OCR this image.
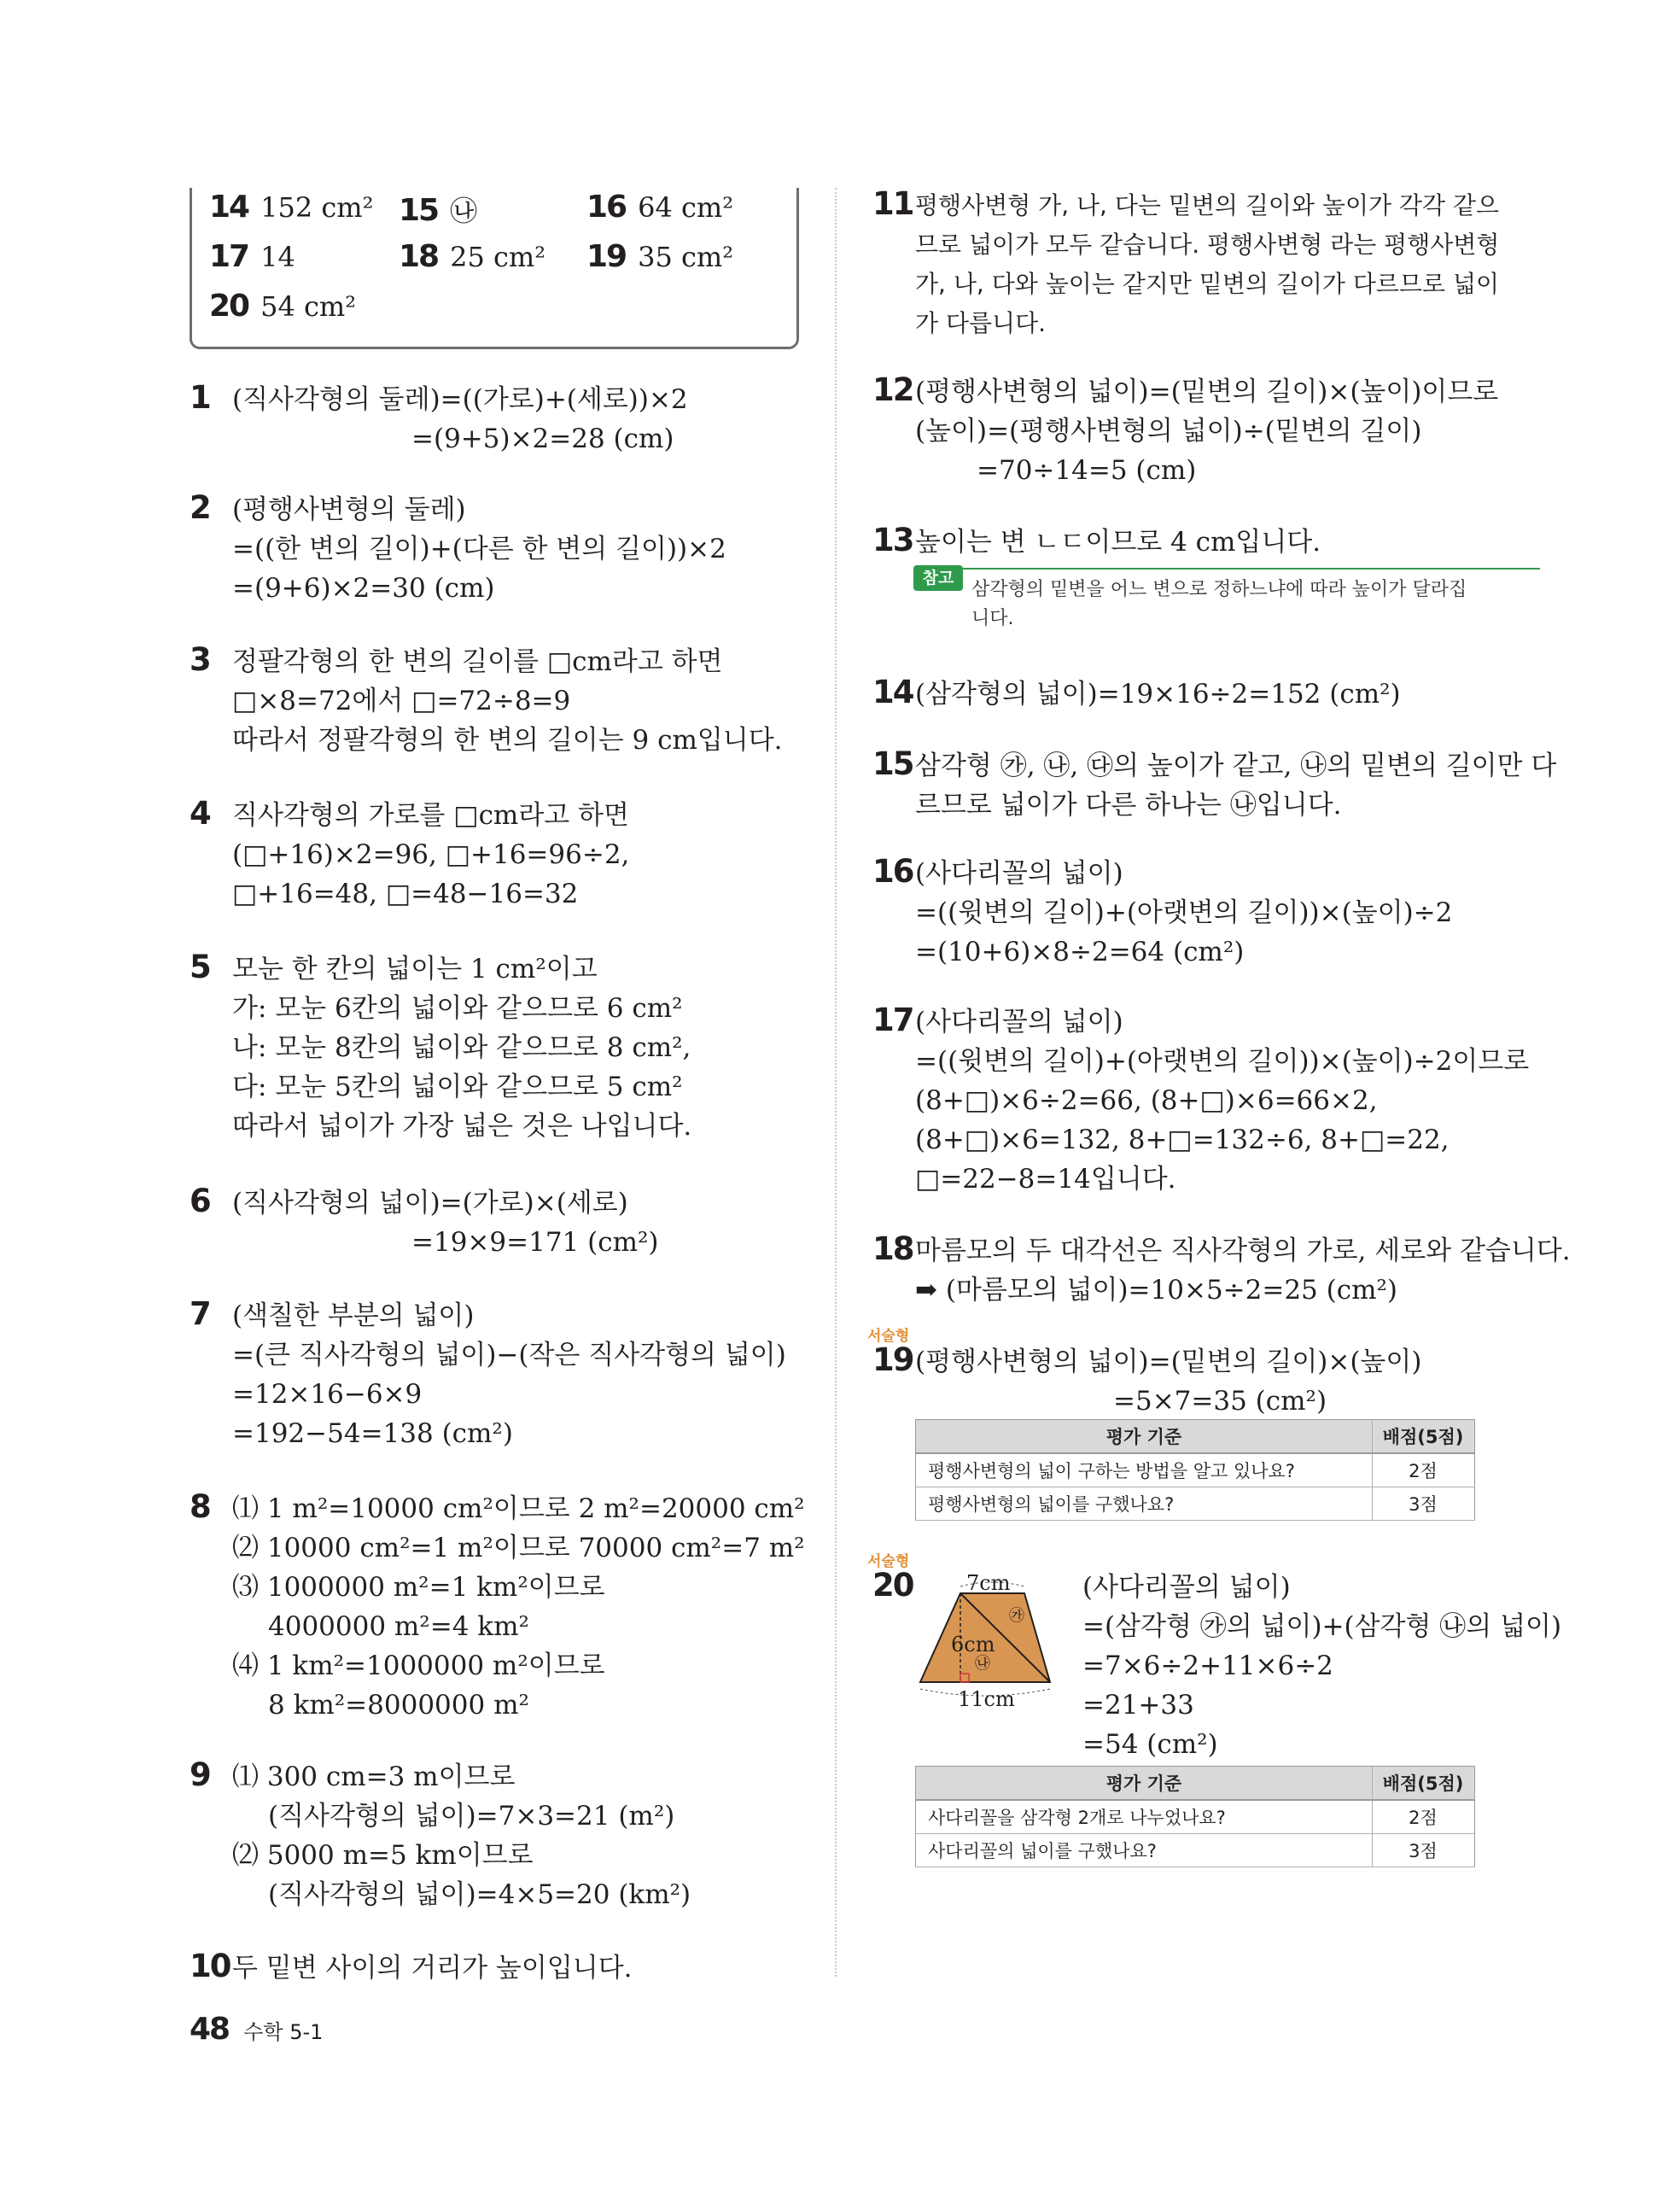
14 152 cm² 15 ㉯	16 64 cm²
17 14	18 25 cm² 19 35 cm²
20 54 cm²
1 (직사각형의 둘레)=((가로)+(세로))×2
=(9+5)×2=28 (cm)
2 (평행사변형의 둘레)
=((한 변의 길이)+(다른 한 변의 길이))×2
=(9+6)×2=30 (cm)
3 정팔각형의 한 변의 길이를 □cm라고 하면
□×8=72에서 □=72÷8=9
따라서 정팔각형의 한 변의 길이는 9 cm입니다.
4 직사각형의 가로를 □cm라고 하면
(□+16)×2=96, □+16=96÷2,
□+16=48, □=48−16=32
5 모눈 한 칸의 넓이는 1 cm²이고
가: 모눈 6칸의 넓이와 같으므로 6 cm²
나: 모눈 8칸의 넓이와 같으므로 8 cm²,
다: 모눈 5칸의 넓이와 같으므로 5 cm²
따라서 넓이가 가장 넓은 것은 나입니다.
6 (직사각형의 넓이)=(가로)×(세로)
=19×9=171 (cm²)
7 (색칠한 부분의 넓이)
=(큰 직사각형의 넓이)−(작은 직사각형의 넓이)
=12×16−6×9
=192−54=138 (cm²)
8 ⑴ 1 m²=10000 cm²이므로 2 m²=20000 cm²
⑵ 10000 cm²=1 m²이므로 70000 cm²=7 m²
⑶ 1000000 m²=1 km²이므로
4000000 m²=4 km²
⑷ 1 km²=1000000 m²이므로
8 km²=8000000 m²
9 ⑴ 300 cm=3 m이므로
(직사각형의 넓이)=7×3=21 (m²)
⑵ 5000 m=5 km이므로
(직사각형의 넓이)=4×5=20 (km²)
10 두 밑변 사이의 거리가 높이입니다.
11 평행사변형 가, 나, 다는 밑변의 길이와 높이가 각각 같으
므로 넓이가 모두 같습니다. 평행사변형 라는 평행사변형
가, 나, 다와 높이는 같지만 밑변의 길이가 다르므로 넓이
가 다릅니다.
12 (평행사변형의 넓이)=(밑변의 길이)×(높이)이므로
(높이)=(평행사변형의 넓이)÷(밑변의 길이)
=70÷14=5 (cm)
13 높이는 변 ㄴㄷ이므로 4 cm입니다.
참고
삼각형의 밑변을 어느 변으로 정하느냐에 따라 높이가 달라집니다.
14 (삼각형의 넓이)=19×16÷2=152 (cm²)
15 삼각형 ㉮, ㉯, ㉰의 높이가 같고, ㉯의 밑변의 길이만 다
르므로 넓이가 다른 하나는 ㉯입니다.
16 (사다리꼴의 넓이)
=((윗변의 길이)+(아랫변의 길이))×(높이)÷2
=(10+6)×8÷2=64 (cm²)
17 (사다리꼴의 넓이)
=((윗변의 길이)+(아랫변의 길이))×(높이)÷2이므로
(8+□)×6÷2=66, (8+□)×6=66×2,
(8+□)×6=132, 8+□=132÷6, 8+□=22,
□=22−8=14입니다.
18 마름모의 두 대각선은 직사각형의 가로, 세로와 같습니다.
➡ (마름모의 넓이)=10×5÷2=25 (cm²)
서술형
19 (평행사변형의 넓이)=(밑변의 길이)×(높이)
=5×7=35 (cm²)
평가 기준	배점(5점)
평행사변형의 넓이 구하는 방법을 알고 있나요?	2점
평행사변형의 넓이를 구했나요?	3점
서술형
20	7cm
6cm
11cm
㉮
㉯
(사다리꼴의 넓이)
=(삼각형 ㉮의 넓이)+(삼각형 ㉯의 넓이)
=7×6÷2+11×6÷2
=21+33
=54 (cm²)
평가 기준	배점(5점)
사다리꼴을 삼각형 2개로 나누었나요?	2점
사다리꼴의 넓이를 구했나요?	3점
48 수학 5-1
